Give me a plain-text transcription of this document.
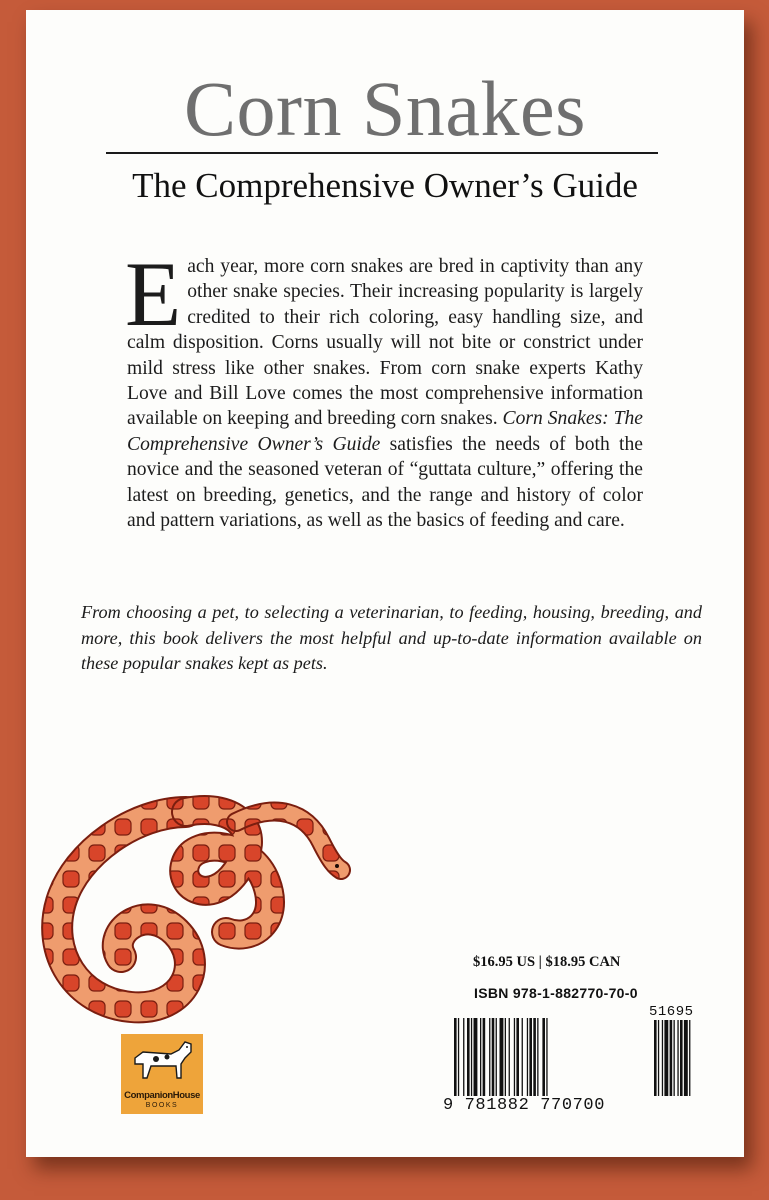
Corn Snakes
The Comprehensive Owner’s Guide
Each year, more corn snakes are bred in captivity than any other snake species. Their increasing popularity is largely credited to their rich coloring, easy handling size, and calm disposition. Corns usually will not bite or constrict under mild stress like other snakes. From corn snake experts Kathy Love and Bill Love comes the most comprehensive information available on keeping and breeding corn snakes. Corn Snakes: The Comprehensive Owner’s Guide satisfies the needs of both the novice and the seasoned veteran of “guttata culture,” offering the latest on breeding, genetics, and the range and history of color and pattern variations, as well as the basics of feeding and care.
From choosing a pet, to selecting a veterinarian, to feeding, housing, breeding, and more, this book delivers the most helpful and up-to-date information available on these popular snakes kept as pets.
CompanionHouse
BOOKS
$16.95 US | $18.95 CAN
ISBN 978-1-882770-70-0
9 781882 770700
51695
